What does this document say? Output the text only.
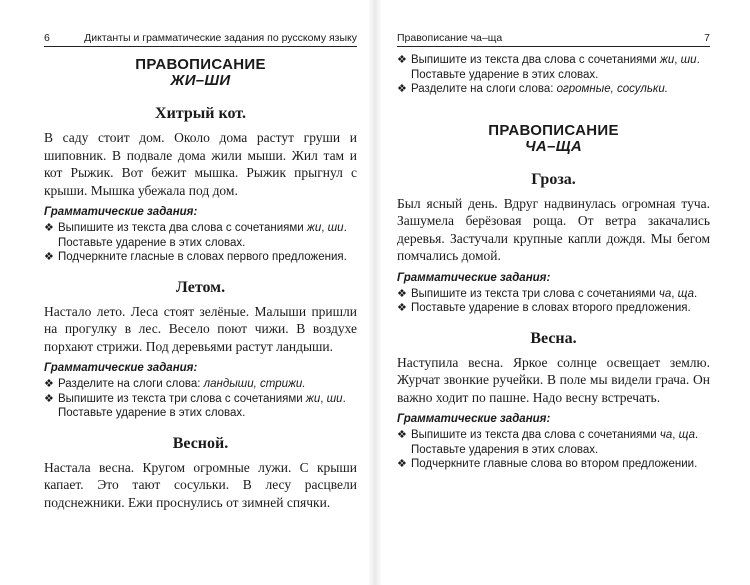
6	Диктанты и грамматические задания по русскому языку
ПРАВОПИСАНИЕ
ЖИ–ШИ
Хитрый кот.

В саду стоит дом. Около дома растут груши и шиповник. В подвале дома жили мыши. Жил там и кот Рыжик. Вот бежит мышка. Рыжик прыгнул с крыши. Мышка убежала под дом.

Грамматические задания:
❖ Выпишите из текста два слова с сочетаниями жи, ши. Поставьте ударение в этих словах.
❖ Подчеркните гласные в словах первого предложения.
Летом.

Настало лето. Леса стоят зелёные. Малыши пришли на прогулку в лес. Весело поют чижи. В воздухе порхают стрижи. Под деревьями растут ландыши.

Грамматические задания:
❖ Разделите на слоги слова: ландыши, стрижи.
❖ Выпишите из текста три слова с сочетаниями жи, ши. Поставьте ударение в этих словах.
Весной.

Настала весна. Кругом огромные лужи. С крыши капает. Это тают сосульки. В лесу расцвели подснежники. Ежи проснулись от зимней спячки.

Правописание ча–ща	7
❖ Выпишите из текста два слова с сочетаниями жи, ши. Поставьте ударение в этих словах.
❖ Разделите на слоги слова: огромные, сосульки.
ПРАВОПИСАНИЕ
ЧА–ЩА
Гроза.

Был ясный день. Вдруг надвинулась огромная туча. Зашумела берёзовая роща. От ветра закачались деревья. Застучали крупные капли дождя. Мы бегом помчались домой.

Грамматические задания:
❖ Выпишите из текста три слова с сочетаниями ча, ща.
❖ Поставьте ударение в словах второго предложения.
Весна.

Наступила весна. Яркое солнце освещает землю. Журчат звонкие ручейки. В поле мы видели грача. Он важно ходит по пашне. Надо весну встречать.

Грамматические задания:
❖ Выпишите из текста два слова с сочетаниями ча, ща. Поставьте ударения в этих словах.
❖ Подчеркните главные слова во втором предложении.
